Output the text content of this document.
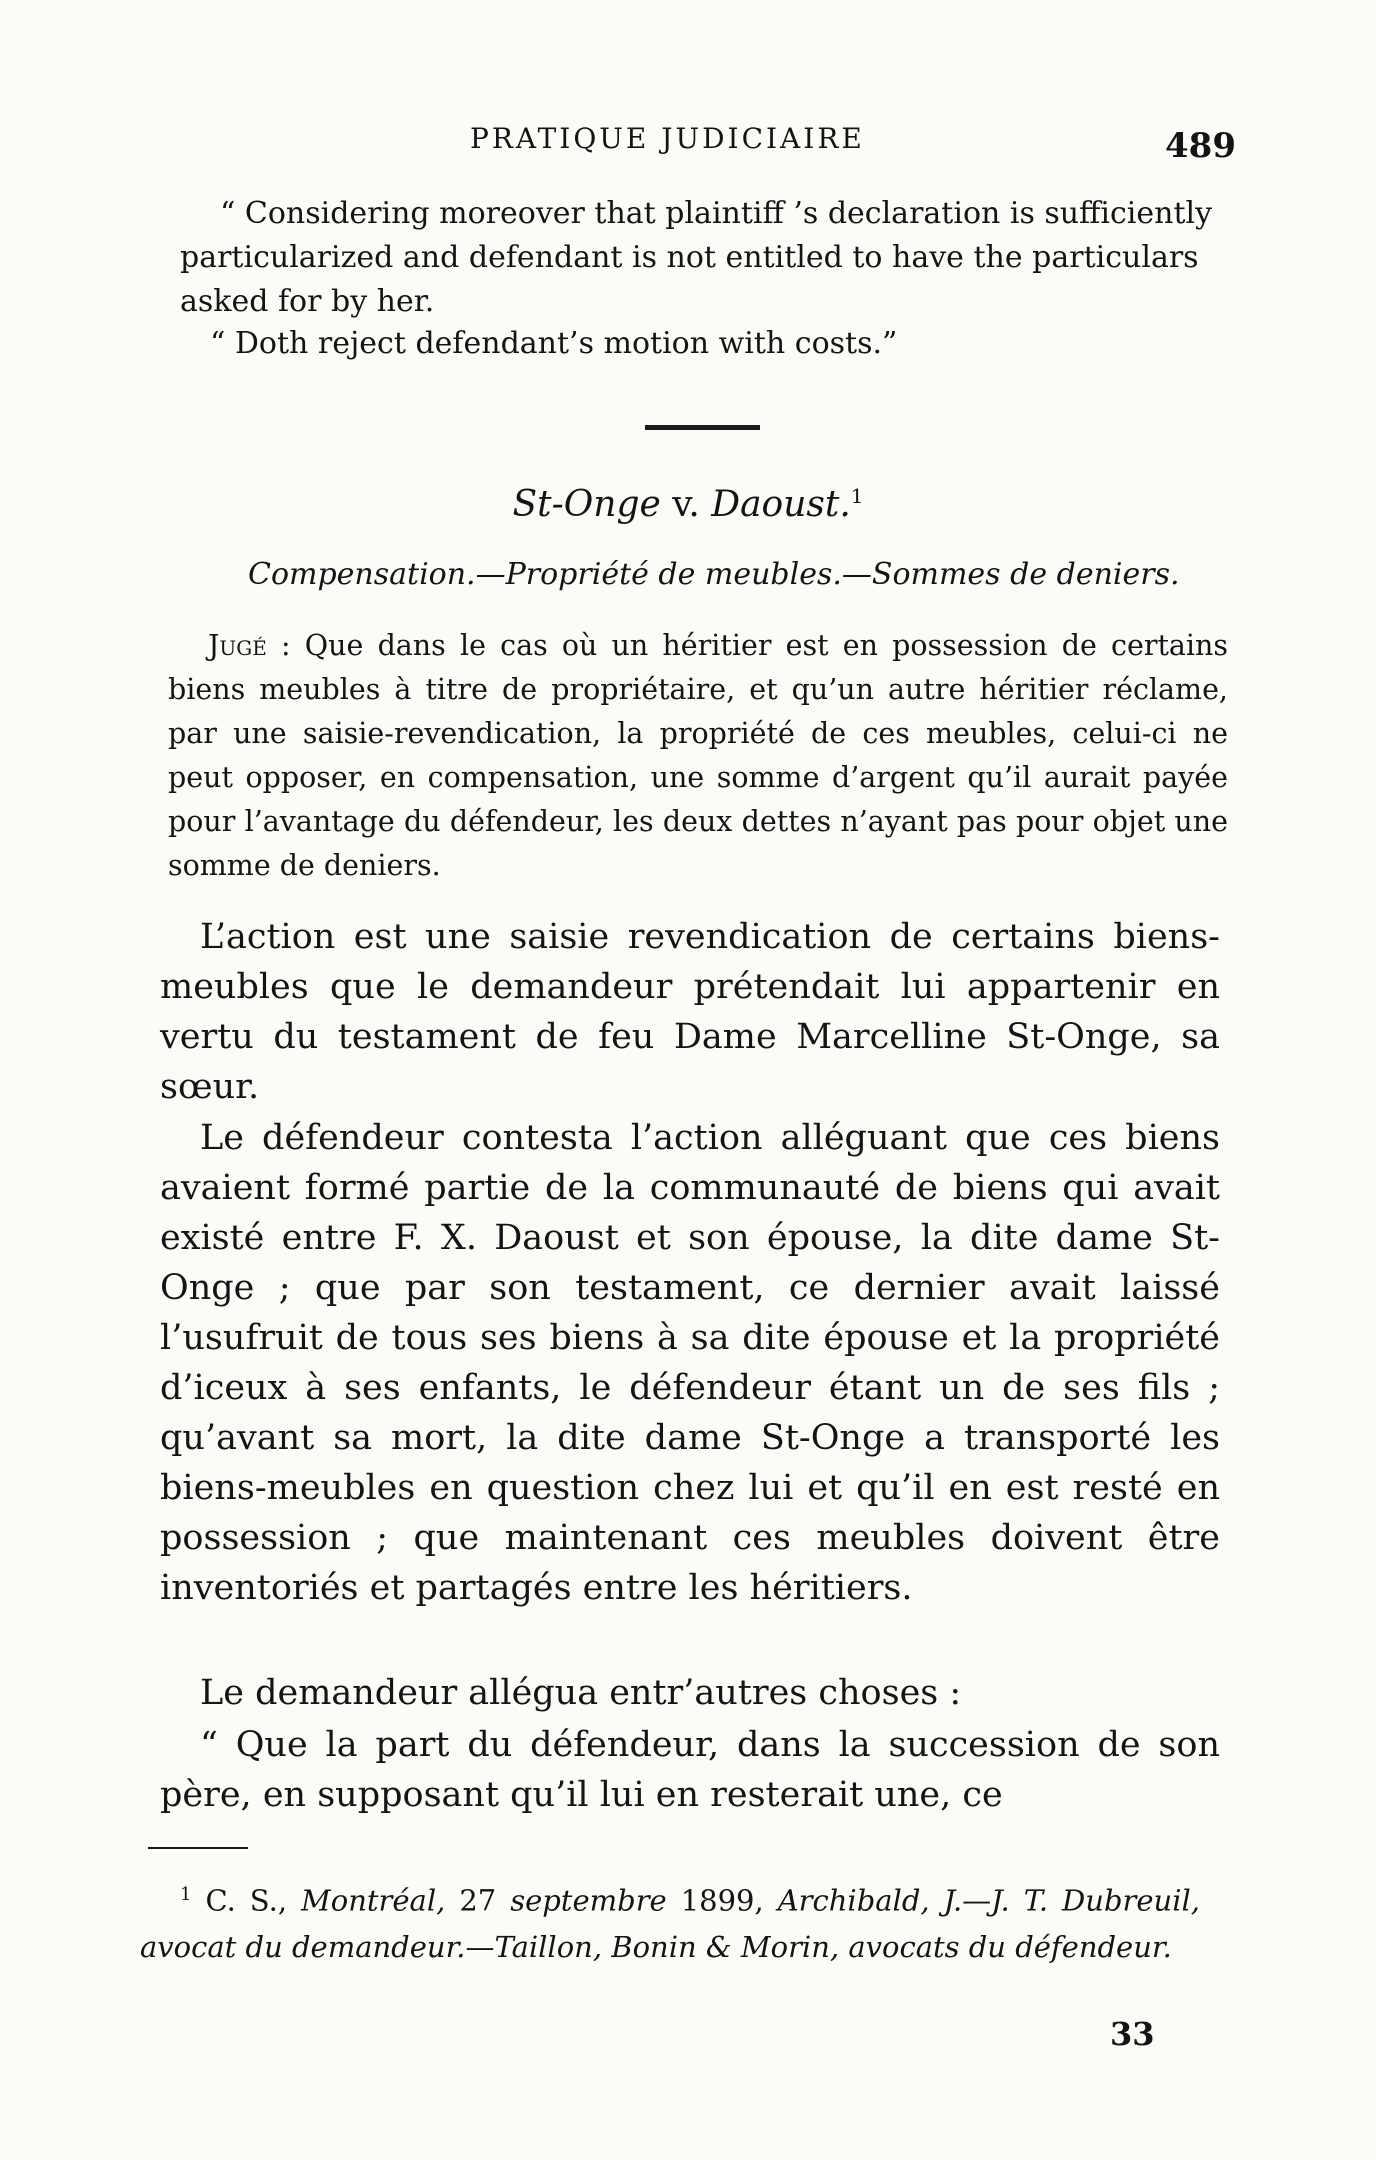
PRATIQUE JUDICIAIRE	489

“ Considering moreover that plaintiff ’s declaration is sufficiently particularized and defendant is not entitled to have the particulars asked for by her.

“ Doth reject defendant’s motion with costs.”

St-Onge v. Daoust.$^1$
Compensation.—Propriété de meubles.—Sommes de deniers.

Jugé : Que dans le cas où un héritier est en possession de certains biens meubles à titre de propriétaire, et qu’un autre héritier réclame, par une saisie-revendication, la propriété de ces meubles, celui-ci ne peut opposer, en compensation, une somme d’argent qu’il aurait payée pour l’avantage du défendeur, les deux dettes n’ayant pas pour objet une somme de deniers.

L’action est une saisie revendication de certains biens-meubles que le demandeur prétendait lui appartenir en vertu du testament de feu Dame Marcelline St-Onge, sa sœur.

Le défendeur contesta l’action alléguant que ces biens avaient formé partie de la communauté de biens qui avait existé entre F. X. Daoust et son épouse, la dite dame St-Onge ; que par son testament, ce dernier avait laissé l’usufruit de tous ses biens à sa dite épouse et la propriété d’iceux à ses enfants, le défendeur étant un de ses fils ; qu’avant sa mort, la dite dame St-Onge a transporté les biens-meubles en question chez lui et qu’il en est resté en possession ; que maintenant ces meubles doivent être inventoriés et partagés entre les héritiers.

Le demandeur allégua entr’autres choses :

“ Que la part du défendeur, dans la succession de son père, en supposant qu’il lui en resterait une, ce

$^1$ C. S., Montréal, 27 septembre 1899, Archibald, J.—J. T. Dubreuil, avocat du demandeur.—Taillon, Bonin & Morin, avocats du défendeur.

33
